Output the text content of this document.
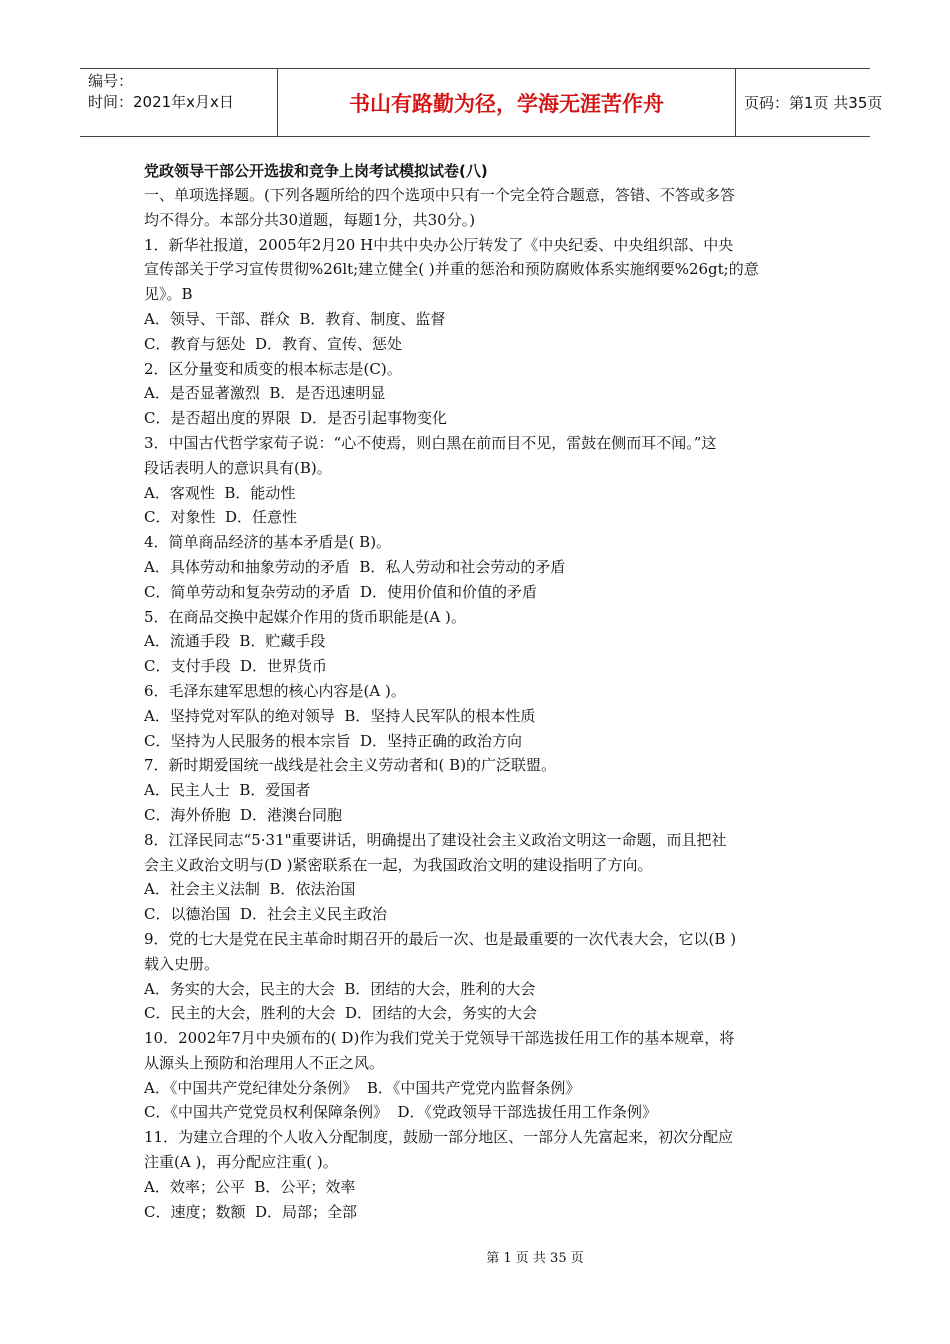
编号：
时间：2021年x月x日	书山有路勤为径，学海无涯苦作舟	页码：第1页 共35页

党政领导干部公开选拔和竞争上岗考试模拟试卷(八)

一、单项选择题。(下列各题所给的四个选项中只有一个完全符合题意，答错、不答或多答

均不得分。本部分共30道题，每题1分，共30分。)

1．新华社报道，2005年2月20 H中共中央办公厅转发了《中央纪委、中央组织部、中央

宣传部关于学习宣传贯彻%26lt;建立健全( )并重的惩治和预防腐败体系实施纲要%26gt;的意

见》。B

A．领导、干部、群众  B．教育、制度、监督

C．教育与惩处  D．教育、宣传、惩处

2．区分量变和质变的根本标志是(C)。

A．是否显著激烈  B．是否迅速明显

C．是否超出度的界限  D．是否引起事物变化

3．中国古代哲学家荀子说：“心不使焉，则白黑在前而目不见，雷鼓在侧而耳不闻。”这

段话表明人的意识具有(B)。

A．客观性  B．能动性

C．对象性  D．任意性

4．简单商品经济的基本矛盾是( B)。

A．具体劳动和抽象劳动的矛盾  B．私人劳动和社会劳动的矛盾

C．简单劳动和复杂劳动的矛盾  D．使用价值和价值的矛盾

5．在商品交换中起媒介作用的货币职能是(A )。

A．流通手段  B．贮藏手段

C．支付手段  D．世界货币

6．毛泽东建军思想的核心内容是(A )。

A．坚持党对军队的绝对领导  B．坚持人民军队的根本性质

C．坚持为人民服务的根本宗旨  D．坚持正确的政治方向

7．新时期爱国统一战线是社会主义劳动者和( B)的广泛联盟。

A．民主人士  B．爱国者

C．海外侨胞  D．港澳台同胞

8．江泽民同志“5·31"重要讲话，明确提出了建设社会主义政治文明这一命题，而且把社

会主义政治文明与(D )紧密联系在一起，为我国政治文明的建设指明了方向。

A．社会主义法制  B．依法治国

C．以德治国  D．社会主义民主政治

9．党的七大是党在民主革命时期召开的最后一次、也是最重要的一次代表大会，它以(B )

载入史册。

A．务实的大会，民主的大会  B．团结的大会，胜利的大会

C．民主的大会，胜利的大会  D．团结的大会，务实的大会

10．2002年7月中央颁布的( D)作为我们党关于党领导干部选拔任用工作的基本规章，将

从源头上预防和治理用人不正之风。

A．《中国共产党纪律处分条例》  B．《中国共产党党内监督条例》

C．《中国共产党党员权利保障条例》  D．《党政领导干部选拔任用工作条例》

11．为建立合理的个人收入分配制度，鼓励一部分地区、一部分人先富起来，初次分配应

注重(A )，再分配应注重( )。

A．效率；公平  B．公平；效率

C．速度；数额  D．局部；全部

第 1 页 共 35 页
